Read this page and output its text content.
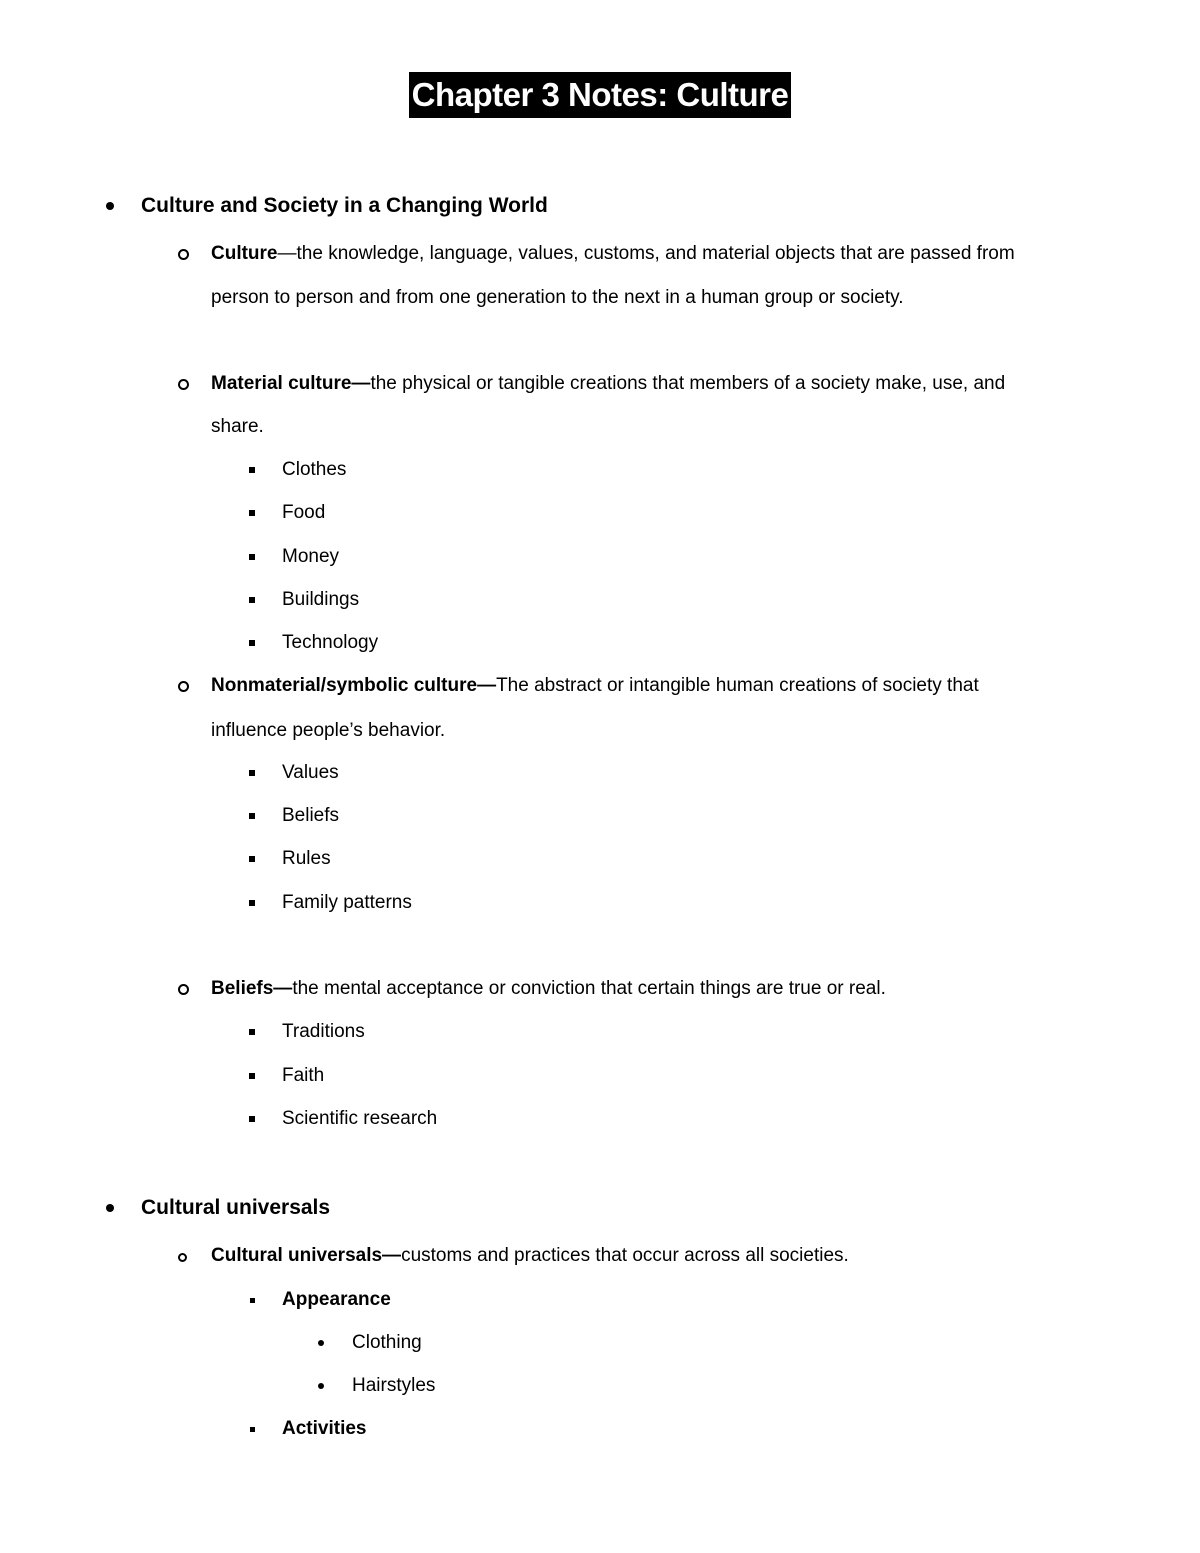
Chapter 3 Notes: Culture
Culture and Society in a Changing World
Culture—the knowledge, language, values, customs, and material objects that are passed from
person to person and from one generation to the next in a human group or society.
Material culture—the physical or tangible creations that members of a society make, use, and
share.
Clothes
Food
Money
Buildings
Technology
Nonmaterial/symbolic culture—The abstract or intangible human creations of society that
influence people’s behavior.
Values
Beliefs
Rules
Family patterns
Beliefs—the mental acceptance or conviction that certain things are true or real.
Traditions
Faith
Scientific research
Cultural universals
Cultural universals—customs and practices that occur across all societies.
Appearance
Clothing
Hairstyles
Activities
